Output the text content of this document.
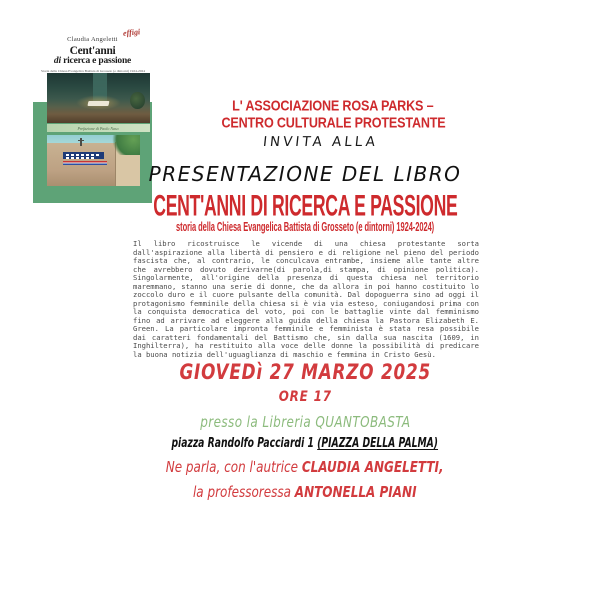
effigi
Claudia Angeletti
Cent'anni
di ricerca e passione
Storia della Chiesa Evangelica Battista di Grosseto (e dintorni) 1924-2024
Prefazione di Paolo Naso
L' ASSOCIAZIONE ROSA PARKS –
CENTRO CULTURALE PROTESTANTE
INVITA ALLA
PRESENTAZIONE DEL LIBRO
CENT'ANNI DI RICERCA E PASSIONE
storia della Chiesa Evangelica Battista di Grosseto (e dintorni) 1924-2024)
Il libro ricostruisce le vicende di una chiesa protestante sorta dall'aspirazione alla libertà di pensiero e di religione nel pieno del periodo fascista che, al contrario, le conculcava entrambe, insieme alle tante altre che avrebbero dovuto derivarne(di parola,di stampa, di opinione politica). Singolarmente, all'origine della presenza di questa chiesa nel territorio maremmano, stanno una serie di donne, che da allora in poi hanno costituito lo zoccolo duro e il cuore pulsante della comunità. Dal dopoguerra sino ad oggi il protagonismo femminile della chiesa si è via via esteso, coniugandosi prima con la conquista democratica del voto, poi con le battaglie vinte dal femminismo fino ad arrivare ad eleggere alla guida della chiesa la Pastora Elizabeth E. Green. La particolare impronta femminile e femminista è stata resa possibile dai caratteri fondamentali del Battismo che, sin dalla sua nascita (1609, in Inghilterra), ha restituito alla voce delle donne la possibilità di predicare la buona notizia dell'uguaglianza di maschio e femmina in Cristo Gesù.
GIOVEDì 27 MARZO 2025
ORE 17
presso la Libreria QUANTOBASTA
piazza Randolfo Pacciardi 1 (PIAZZA DELLA PALMA)
Ne parla, con l'autrice CLAUDIA ANGELETTI,
la professoressa ANTONELLA PIANI
